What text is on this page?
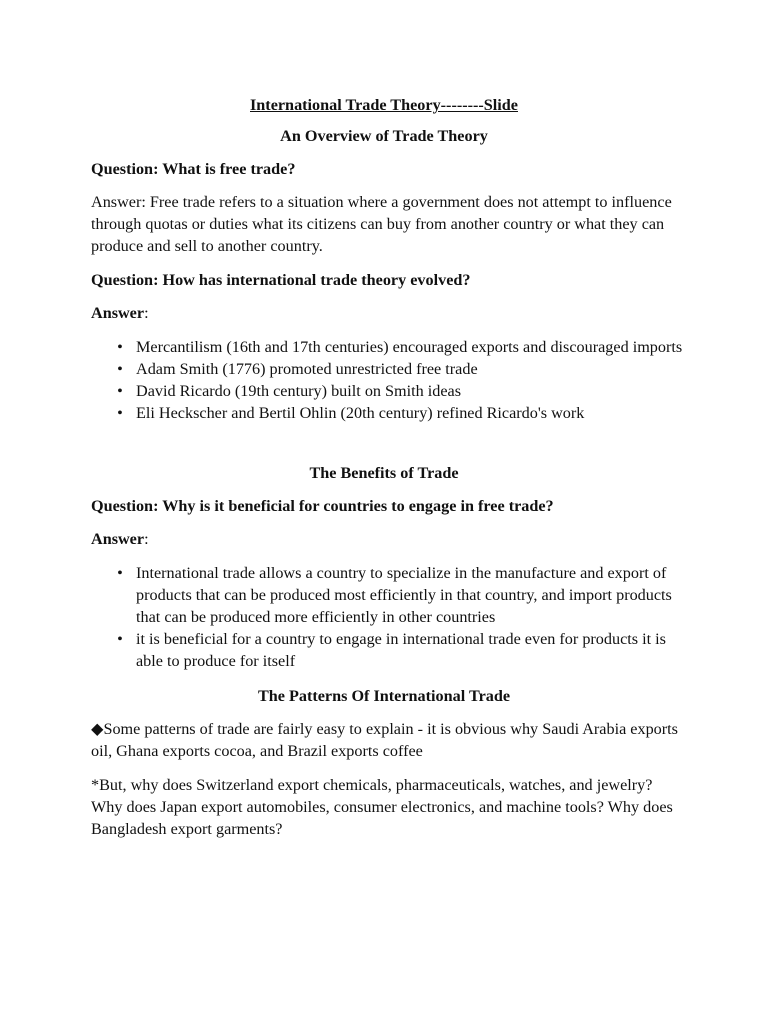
International Trade Theory--------Slide

An Overview of Trade Theory

Question: What is free trade?

Answer: Free trade refers to a situation where a government does not attempt to influence through quotas or duties what its citizens can buy from another country or what they can produce and sell to another country.

Question: How has international trade theory evolved?

Answer:

• Mercantilism (16th and 17th centuries) encouraged exports and discouraged imports
• Adam Smith (1776) promoted unrestricted free trade
• David Ricardo (19th century) built on Smith ideas
• Eli Heckscher and Bertil Ohlin (20th century) refined Ricardo's work

The Benefits of Trade

Question: Why is it beneficial for countries to engage in free trade?

Answer:

• International trade allows a country to specialize in the manufacture and export of products that can be produced most efficiently in that country, and import products that can be produced more efficiently in other countries
• it is beneficial for a country to engage in international trade even for products it is able to produce for itself

The Patterns Of International Trade

◆Some patterns of trade are fairly easy to explain - it is obvious why Saudi Arabia exports oil, Ghana exports cocoa, and Brazil exports coffee

*But, why does Switzerland export chemicals, pharmaceuticals, watches, and jewelry? Why does Japan export automobiles, consumer electronics, and machine tools? Why does Bangladesh export garments?
